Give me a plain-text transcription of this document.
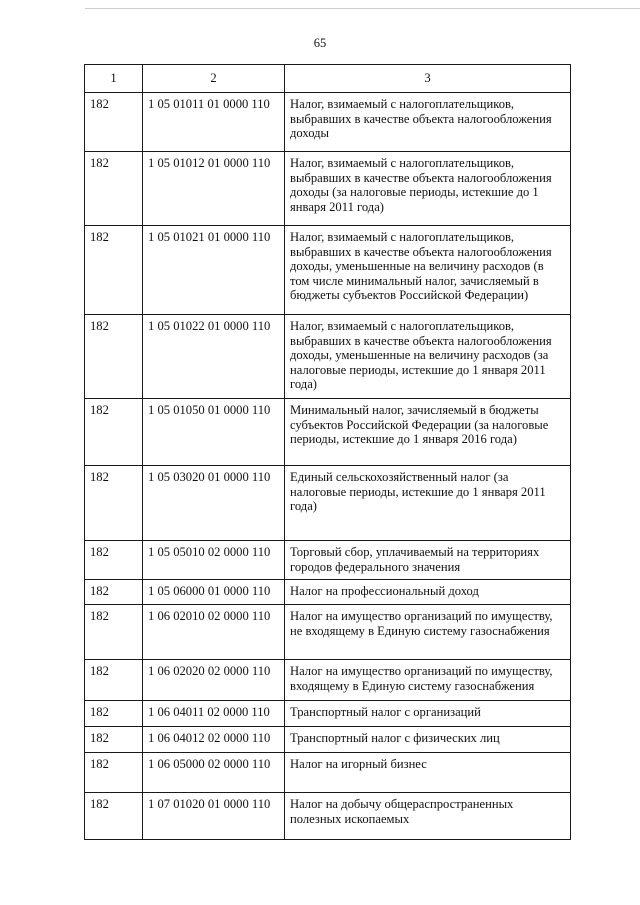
65
1	2	3
182	1 05 01011 01 0000 110	Налог, взимаемый с налогоплательщиков, выбравших в качестве объекта налогообложения доходы
182	1 05 01012 01 0000 110	Налог, взимаемый с налогоплательщиков, выбравших в качестве объекта налогообложения доходы (за налоговые периоды, истекшие до 1 января 2011 года)
182	1 05 01021 01 0000 110	Налог, взимаемый с налогоплательщиков, выбравших в качестве объекта налогообложения доходы, уменьшенные на величину расходов (в том числе минимальный налог, зачисляемый в бюджеты субъектов Российской Федерации)
182	1 05 01022 01 0000 110	Налог, взимаемый с налогоплательщиков, выбравших в качестве объекта налогообложения доходы, уменьшенные на величину расходов (за налоговые периоды, истекшие до 1 января 2011 года)
182	1 05 01050 01 0000 110	Минимальный налог, зачисляемый в бюджеты субъектов Российской Федерации (за налоговые периоды, истекшие до 1 января 2016 года)
182	1 05 03020 01 0000 110	Единый сельскохозяйственный налог (за налоговые периоды, истекшие до 1 января 2011 года)
182	1 05 05010 02 0000 110	Торговый сбор, уплачиваемый на территориях городов федерального значения
182	1 05 06000 01 0000 110	Налог на профессиональный доход
182	1 06 02010 02 0000 110	Налог на имущество организаций по имуществу, не входящему в Единую систему газоснабжения
182	1 06 02020 02 0000 110	Налог на имущество организаций по имуществу, входящему в Единую систему газоснабжения
182	1 06 04011 02 0000 110	Транспортный налог с организаций
182	1 06 04012 02 0000 110	Транспортный налог с физических лиц
182	1 06 05000 02 0000 110	Налог на игорный бизнес
182	1 07 01020 01 0000 110	Налог на добычу общераспространенных полезных ископаемых
